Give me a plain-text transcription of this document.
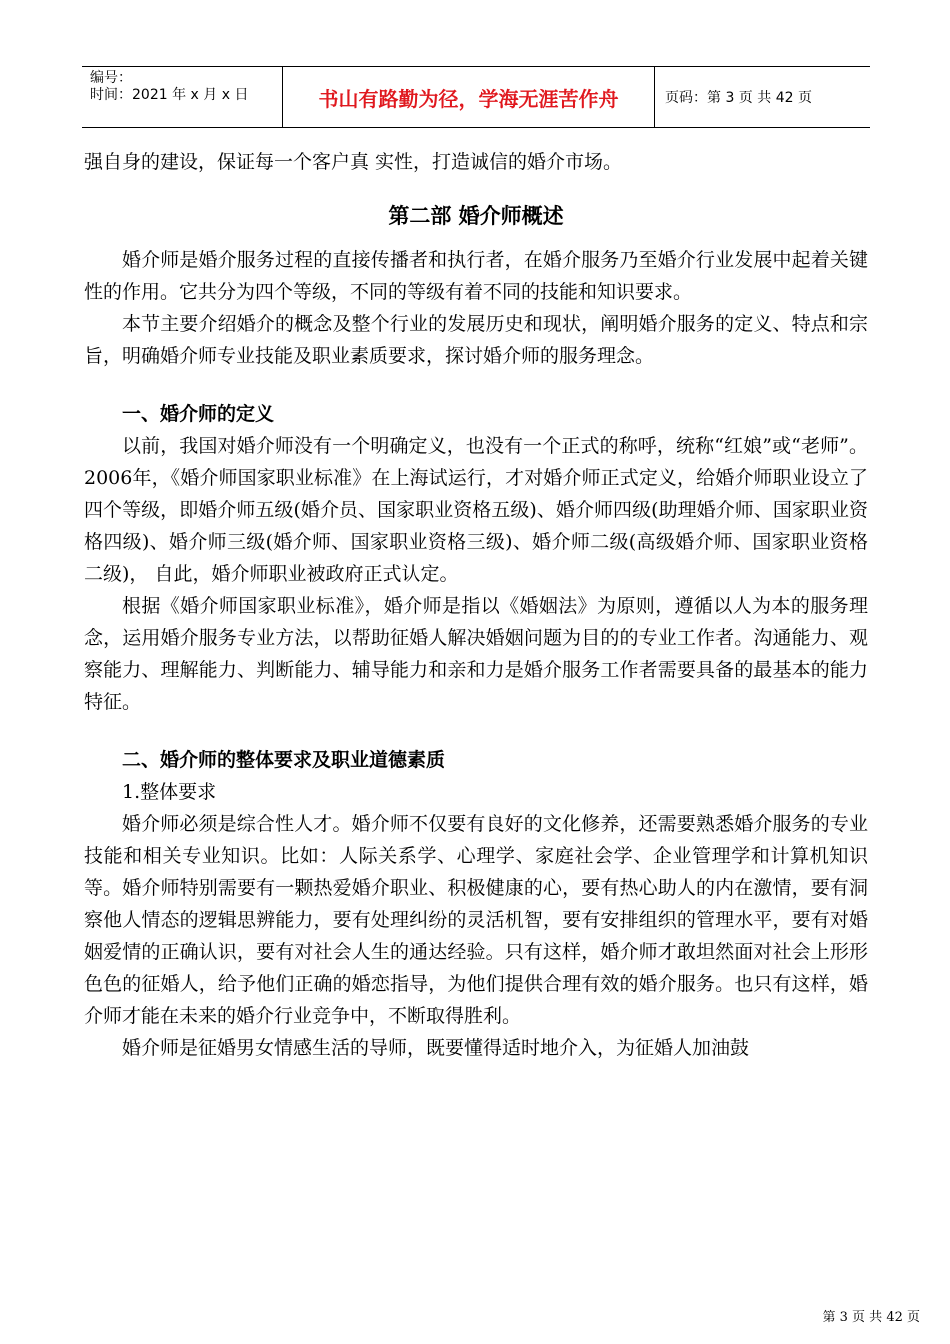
编号：
时间：2021 年 x 月 x 日	书山有路勤为径，学海无涯苦作舟	页码：第 3 页 共 42 页

强自身的建设，保证每一个客户真 实性，打造诚信的婚介市场。

第二部 婚介师概述

婚介师是婚介服务过程的直接传播者和执行者，在婚介服务乃至婚介行业发展中起着关键性的作用。它共分为四个等级，不同的等级有着不同的技能和知识要求。

本节主要介绍婚介的概念及整个行业的发展历史和现状，阐明婚介服务的定义、特点和宗旨，明确婚介师专业技能及职业素质要求，探讨婚介师的服务理念。

一、婚介师的定义

以前，我国对婚介师没有一个明确定义，也没有一个正式的称呼，统称“红娘”或“老师”。2006年，《婚介师国家职业标准》在上海试运行，才对婚介师正式定义，给婚介师职业设立了四个等级，即婚介师五级(婚介员、国家职业资格五级)、婚介师四级(助理婚介师、国家职业资格四级)、婚介师三级(婚介师、国家职业资格三级)、婚介师二级(高级婚介师、国家职业资格二级)， 自此，婚介师职业被政府正式认定。

根据《婚介师国家职业标准》，婚介师是指以《婚姻法》为原则，遵循以人为本的服务理念，运用婚介服务专业方法，以帮助征婚人解决婚姻问题为目的的专业工作者。沟通能力、观察能力、理解能力、判断能力、辅导能力和亲和力是婚介服务工作者需要具备的最基本的能力特征。

二、婚介师的整体要求及职业道德素质

1.整体要求

婚介师必须是综合性人才。婚介师不仅要有良好的文化修养，还需要熟悉婚介服务的专业技能和相关专业知识。比如：人际关系学、心理学、家庭社会学、企业管理学和计算机知识等。婚介师特别需要有一颗热爱婚介职业、积极健康的心，要有热心助人的内在激情，要有洞察他人情态的逻辑思辨能力，要有处理纠纷的灵活机智，要有安排组织的管理水平，要有对婚姻爱情的正确认识，要有对社会人生的通达经验。只有这样，婚介师才敢坦然面对社会上形形色色的征婚人，给予他们正确的婚恋指导，为他们提供合理有效的婚介服务。也只有这样，婚介师才能在未来的婚介行业竞争中，不断取得胜利。

婚介师是征婚男女情感生活的导师，既要懂得适时地介入，为征婚人加油鼓

第 3 页 共 42 页
